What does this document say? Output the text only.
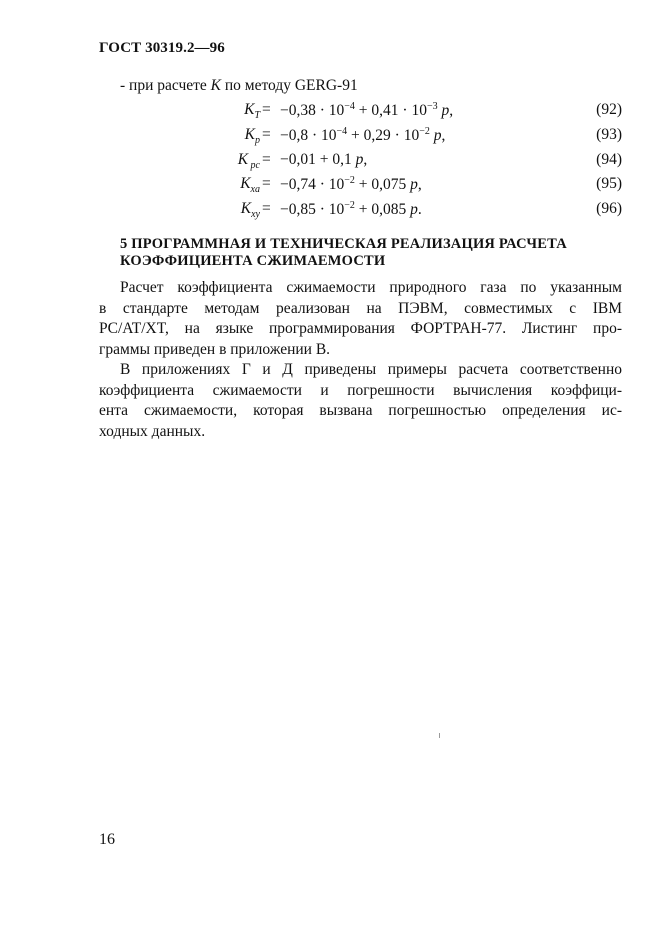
ГОСТ 30319.2—96
- при расчете K по методу GERG-91
$K_T = -0,38 \cdot 10^{-4} + 0,41 \cdot 10^{-3}$ p,	(92)
$K_p = -0,8 \cdot 10^{-4} + 0,29 \cdot 10^{-2}$ p,	(93)
K $_{pc}$ = −0,01 + 0,1 p,	(94)
$K_{xa} = -0,74 \cdot 10^{-2} + 0,075$ p,	(95)
$K_{xy} = -0,85 \cdot 10^{-2} + 0,085$ p.	(96)
5 ПРОГРАММНАЯ И ТЕХНИЧЕСКАЯ РЕАЛИЗАЦИЯ РАСЧЕТА
КОЭФФИЦИЕНТА СЖИМАЕМОСТИ
Расчет коэффициента сжимаемости природного газа по указанным
в стандарте методам реализован на ПЭВМ, совместимых с IBM
PC/AT/XT, на языке программирования ФОРТРАН-77. Листинг про-
граммы приведен в приложении В.
В приложениях Г и Д приведены примеры расчета соответственно
коэффициента сжимаемости и погрешности вычисления коэффици-
ента сжимаемости, которая вызвана погрешностью определения ис-
ходных данных.
16
